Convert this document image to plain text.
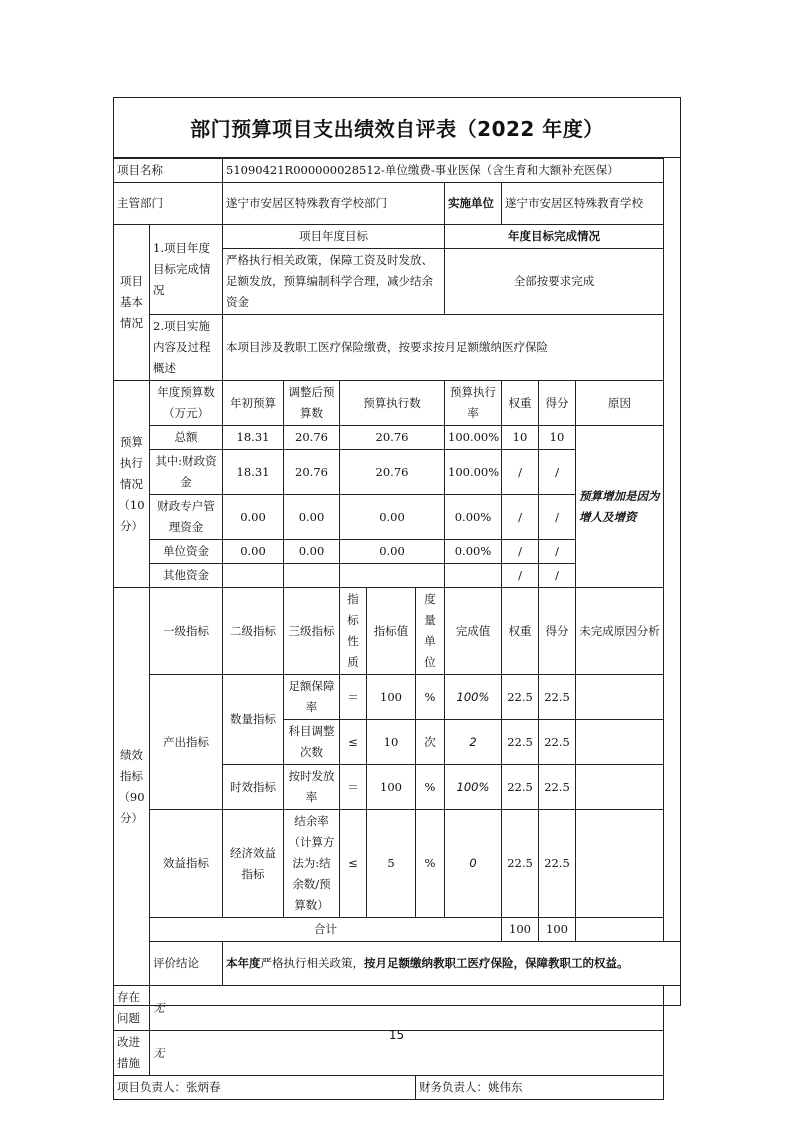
部门预算项目支出绩效自评表（2022 年度）
项目名称		51090421R000000028512-单位缴费-事业医保（含生育和大额补充医保）								
主管部门		遂宁市安居区特殊教育学校部门					实施单位	遂宁市安居区特殊教育学校		
项目基本情况	1.项目年度目标完成情况	项目年度目标					年度目标完成情况			
		严格执行相关政策，保障工资及时发放、足额发放，预算编制科学合理，减少结余资金					全部按要求完成			
	2.项目实施内容及过程概述	本项目涉及教职工医疗保险缴费，按要求按月足额缴纳医疗保险								
预算执行情况（10分）	年度预算数（万元）	年初预算	调整后预算数	预算执行数			预算执行率	权重	得分	原因
	总额	18.31	20.76	20.76			100.00%	10	10	预算增加是因为增人及增资
	其中:财政资金	18.31	20.76	20.76			100.00%	/	/	
	财政专户管理资金	0.00	0.00	0.00			0.00%	/	/	
	单位资金	0.00	0.00	0.00			0.00%	/	/	
	其他资金							/	/	
绩效指标（90分）	一级指标	二级指标	三级指标	指标性质	指标值	度量单位	完成值	权重	得分	未完成原因分析
	产出指标	数量指标	足额保障率	＝	100	%	100%	22.5	22.5	
			科目调整次数	≤	10	次	2	22.5	22.5	
		时效指标	按时发放率	＝	100	%	100%	22.5	22.5	
	效益指标	经济效益指标	结余率（计算方法为:结余数/预算数）	≤	5	%	0	22.5	22.5	
	合计							100	100	
	评价结论	本年度严格执行相关政策，按月足额缴纳教职工医疗保险，保障教职工的权益。								
存在问题	无									
改进措施	无									
项目负责人：张炳春						财务负责人：姚伟东				
15
